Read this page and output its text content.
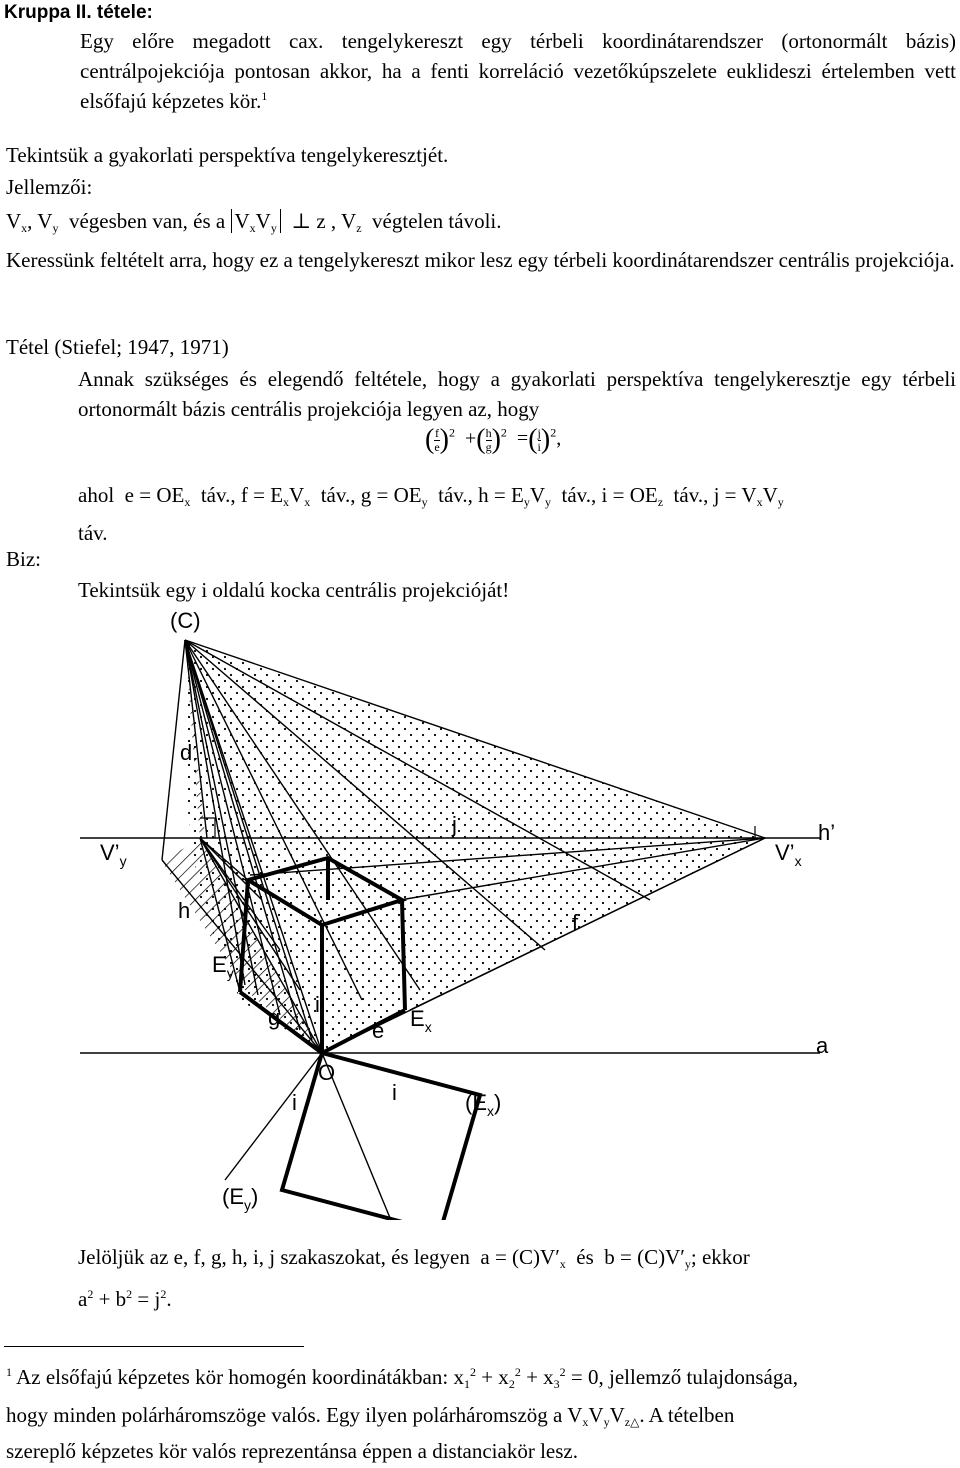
Kruppa II. tétele:
Egy előre megadott cax. tengelykereszt egy térbeli koordinátarendszer (ortonormált bázis) centrálpojekciója pontosan akkor, ha a fenti korreláció vezetőkúpszelete euklideszi értelemben vett elsőfajú képzetes kör.$^1$
Tekintsük a gyakorlati perspektíva tengelykeresztjét.
Jellemzői:
$V_x$, $V_y$ végesben van, és a $V_xV_y$  ⊥ z , $V_z$ végtelen távoli.
Keressünk feltételt arra, hogy ez a tengelykereszt mikor lesz egy térbeli koordinátarendszer centrális projekciója.
Tétel (Stiefel; 1947, 1971)
Annak szükséges és elegendő feltétele, hogy a gyakorlati perspektíva tengelykeresztje egy térbeli ortonormált bázis centrális projekciója legyen az, hogy
( $\frac{f}{e} )^2$  +( $\frac{h}{g} )^2$  =( $\frac{j}{i} )^2$,
ahol  $e = OE_x$ táv., $f = E_xV_x$ táv., $g = OE_y$ táv., $h = E_yV_y$ táv., $i = OE_z$ táv., $j = V_xV_y$
táv.
Biz:
Tekintsük egy i oldalú kocka centrális projekcióját!
(C)
d
j	h’
$V’_y$	$V’_x$
h	f
$E_y$
g
i
e $E_x$
a
O
i	i	$(E_x)$
$(E_y)$
Jelöljük az e, f, g, h, i, j szakaszokat, és legyen  $a = (C)V'_x$ és  $b = (C)V'_y$; ekkor
$a^2 + b^2 = j^2$.
$^1$ Az elsőfajú képzetes kör homogén koordinátákban: $x_1^2 + x_2^2 + x_3^2 = 0$, jellemző tulajdonsága,
hogy minden polárháromszöge valós. Egy ilyen polárháromszög a $V_xV_yV_{z\triangle}$. A tételben
szereplő képzetes kör valós reprezentánsa éppen a distanciakör lesz.
